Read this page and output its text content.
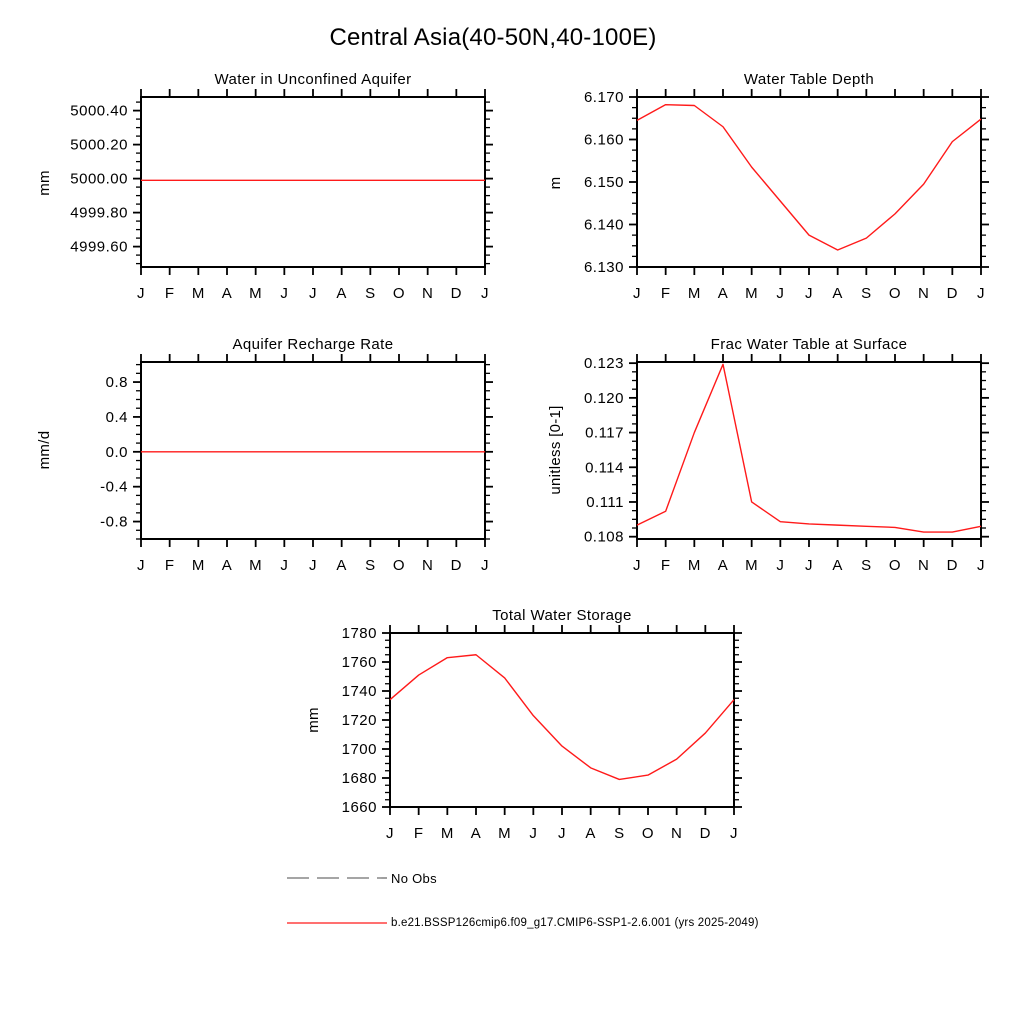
Central Asia(40-50N,40-100E)
Water in Unconfined Aquifer
mm
J F M A M J J A S O N D J
4999.60
4999.80
5000.00
5000.20
5000.40
Water Table Depth
m
J F M A M J J A S O N D J
6.130
6.140
6.150
6.160
6.170
Aquifer Recharge Rate
mm/d
J F M A M J J A S O N D J
-0.8
-0.4
0.0
0.4
0.8
Frac Water Table at Surface
unitless [0-1]
J F M A M J J A S O N D J
0.108
0.111
0.114
0.117
0.120
0.123
Total Water Storage
mm
J F M A M J J A S O N D J
1660
1680
1700
1720
1740
1760
1780
No Obs
b.e21.BSSP126cmip6.f09_g17.CMIP6-SSP1-2.6.001 (yrs 2025-2049)
